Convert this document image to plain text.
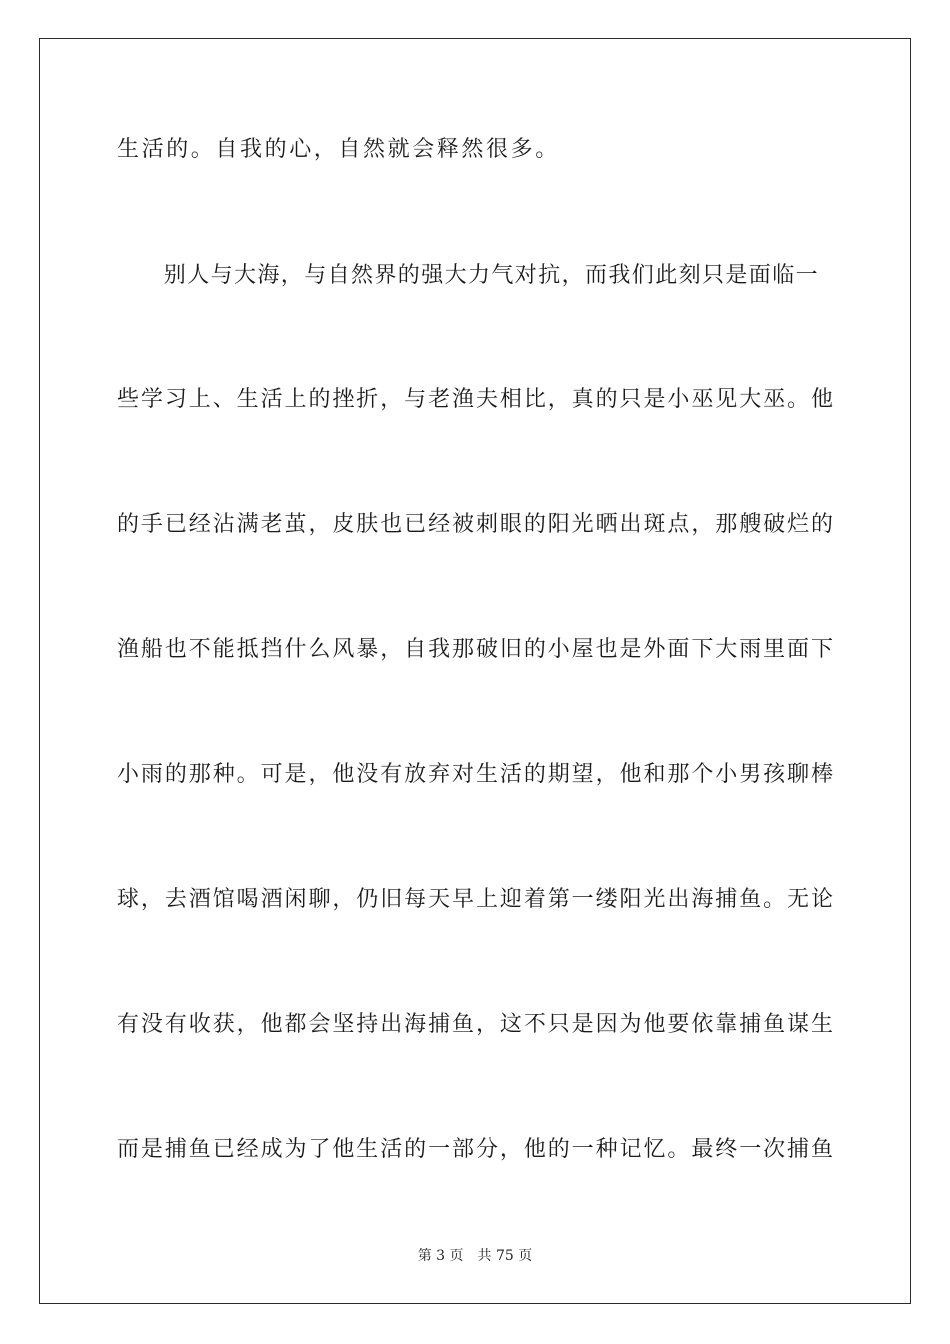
生活的。自我的心，自然就会释然很多。
　　别人与大海，与自然界的强大力气对抗，而我们此刻只是面临一
些学习上、生活上的挫折，与老渔夫相比，真的只是小巫见大巫。他
的手已经沾满老茧，皮肤也已经被刺眼的阳光晒出斑点，那艘破烂的
渔船也不能抵挡什么风暴，自我那破旧的小屋也是外面下大雨里面下
小雨的那种。可是，他没有放弃对生活的期望，他和那个小男孩聊棒
球，去酒馆喝酒闲聊，仍旧每天早上迎着第一缕阳光出海捕鱼。无论
有没有收获，他都会坚持出海捕鱼，这不只是因为他要依靠捕鱼谋生
而是捕鱼已经成为了他生活的一部分，他的一种记忆。最终一次捕鱼
第 3 页 共 75 页
